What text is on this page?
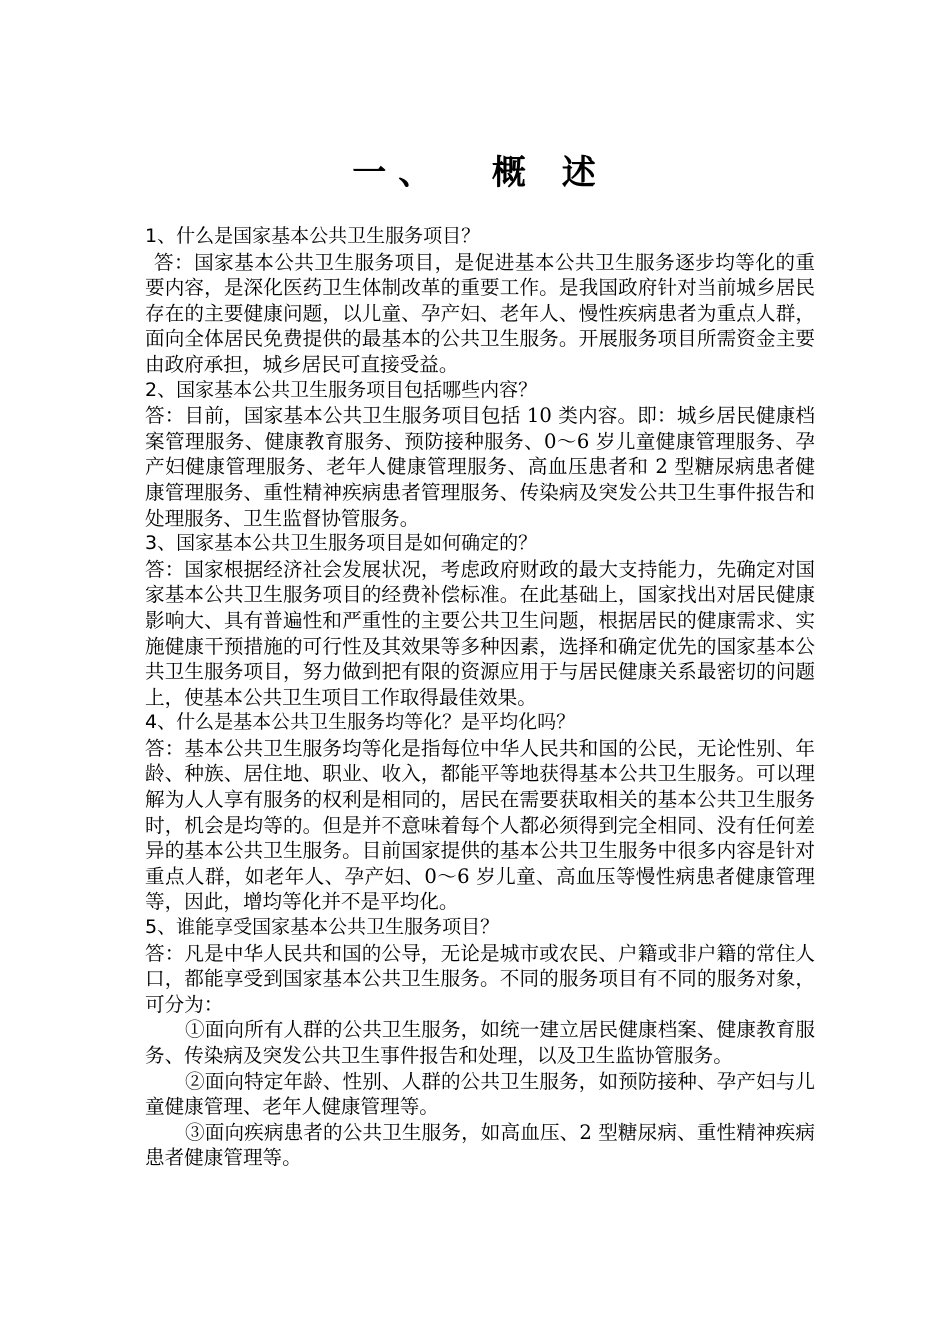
一、  概 述

1、什么是国家基本公共卫生服务项目？

答：国家基本公共卫生服务项目，是促进基本公共卫生服务逐步均等化的重要内容，是深化医药卫生体制改革的重要工作。是我国政府针对当前城乡居民存在的主要健康问题，以儿童、孕产妇、老年人、慢性疾病患者为重点人群，面向全体居民免费提供的最基本的公共卫生服务。开展服务项目所需资金主要由政府承担，城乡居民可直接受益。

2、国家基本公共卫生服务项目包括哪些内容？

答：目前，国家基本公共卫生服务项目包括 10 类内容。即：城乡居民健康档案管理服务、健康教育服务、预防接种服务、0～6 岁儿童健康管理服务、孕产妇健康管理服务、老年人健康管理服务、高血压患者和 2 型糖尿病患者健康管理服务、重性精神疾病患者管理服务、传染病及突发公共卫生事件报告和处理服务、卫生监督协管服务。

3、国家基本公共卫生服务项目是如何确定的？

答：国家根据经济社会发展状况，考虑政府财政的最大支持能力，先确定对国家基本公共卫生服务项目的经费补偿标准。在此基础上，国家找出对居民健康影响大、具有普遍性和严重性的主要公共卫生问题，根据居民的健康需求、实施健康干预措施的可行性及其效果等多种因素，选择和确定优先的国家基本公共卫生服务项目，努力做到把有限的资源应用于与居民健康关系最密切的问题上，使基本公共卫生项目工作取得最佳效果。

4、什么是基本公共卫生服务均等化？是平均化吗？

答：基本公共卫生服务均等化是指每位中华人民共和国的公民，无论性别、年龄、种族、居住地、职业、收入，都能平等地获得基本公共卫生服务。可以理解为人人享有服务的权利是相同的，居民在需要获取相关的基本公共卫生服务时，机会是均等的。但是并不意味着每个人都必须得到完全相同、没有任何差异的基本公共卫生服务。目前国家提供的基本公共卫生服务中很多内容是针对重点人群，如老年人、孕产妇、0～6 岁儿童、高血压等慢性病患者健康管理等，因此，增均等化并不是平均化。

5、谁能享受国家基本公共卫生服务项目？

答：凡是中华人民共和国的公导，无论是城市或农民、户籍或非户籍的常住人口，都能享受到国家基本公共卫生服务。不同的服务项目有不同的服务对象，可分为：

①面向所有人群的公共卫生服务，如统一建立居民健康档案、健康教育服务、传染病及突发公共卫生事件报告和处理，以及卫生监协管服务。

②面向特定年龄、性别、人群的公共卫生服务，如预防接种、孕产妇与儿童健康管理、老年人健康管理等。

③面向疾病患者的公共卫生服务，如高血压、2 型糖尿病、重性精神疾病患者健康管理等。
